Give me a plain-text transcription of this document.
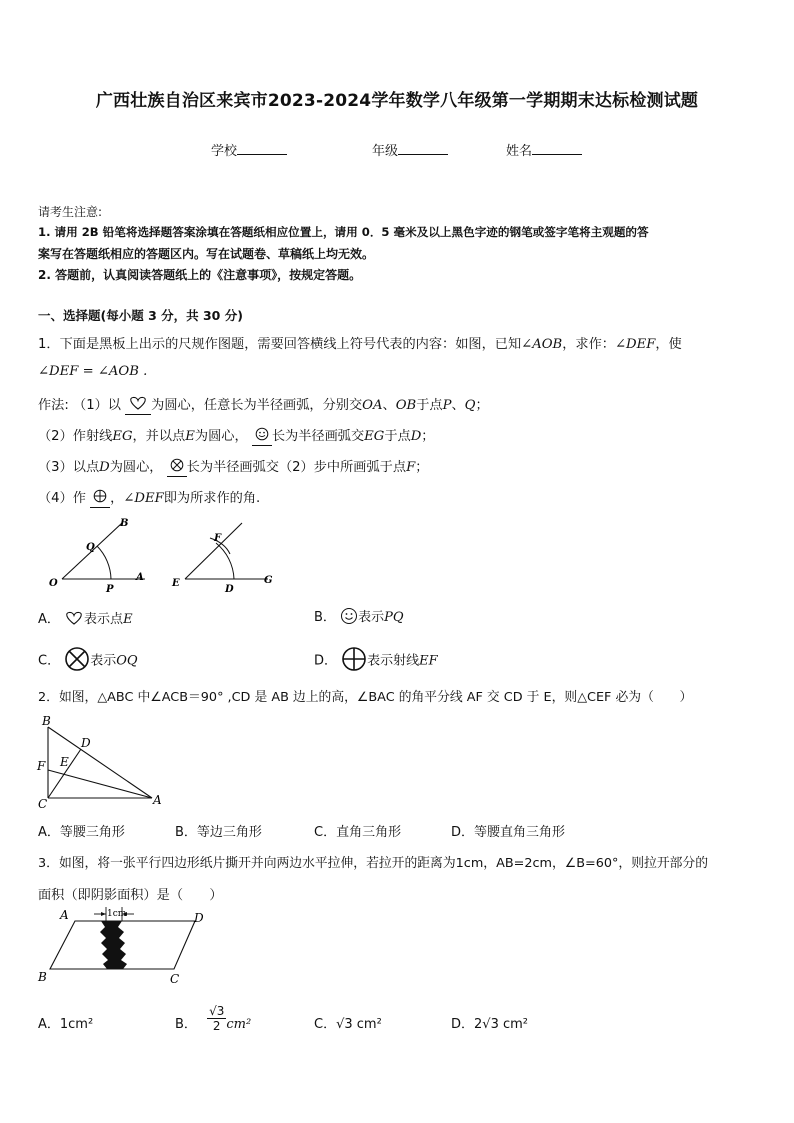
广西壮族自治区来宾市2023-2024学年数学八年级第一学期期末达标检测试题
学校	年级	姓名
请考生注意:
1. 请用 2B 铅笔将选择题答案涂填在答题纸相应位置上，请用 0．5 毫米及以上黑色字迹的钢笔或签字笔将主观题的答
案写在答题纸相应的答题区内。写在试题卷、草稿纸上均无效。
2. 答题前，认真阅读答题纸上的《注意事项》，按规定答题。
一、选择题(每小题 3 分，共 30 分)
1．下面是黑板上出示的尺规作图题，需要回答横线上符号代表的内容：如图，已知∠AOB，求作：∠DEF，使
∠DEF = ∠AOB .
作法: （1）以 为圆心，任意长为半径画弧，分别交OA、OB于点P、Q；
（2）作射线EG，并以点E为圆心， 长为半径画弧交EG于点D；
（3）以点D为圆心， 长为半径画弧交（2）步中所画弧于点F；
（4）作 ，∠DEF即为所求作的角.
B
Q
O
P
A
F
E
D
G
A． 表示点E	B． 表示PQ
C． 表示OQ	D． 表示射线EF
2．如图，△ABC 中∠ACB＝90° ,CD 是 AB 边上的高，∠BAC 的角平分线 AF 交 CD 于 E，则△CEF 必为（　　）
B
D
F E
C	A
A．等腰三角形	B．等边三角形	C．直角三角形	D．等腰直角三角形
3．如图，将一张平行四边形纸片撕开并向两边水平拉伸，若拉开的距离为1cm，AB=2cm，∠B=60°，则拉开部分的
面积（即阴影面积）是（　　）
1cm
A	D
B	C
A．1cm²	B． $\frac{√3}{2} cm^2$	C．√3 cm²	D．2√3 cm²
